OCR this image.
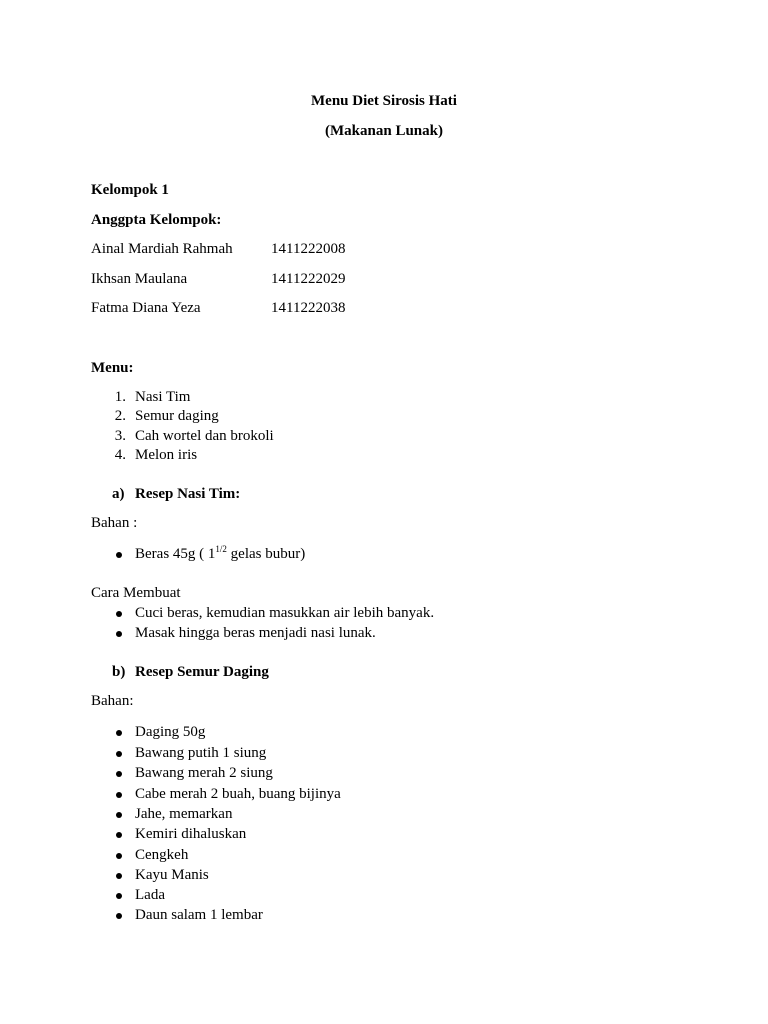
Menu Diet Sirosis Hati
(Makanan Lunak)
Kelompok 1
Anggpta Kelompok:
Ainal Mardiah Rahmah	1411222008
Ikhsan Maulana	1411222029
Fatma Diana Yeza	1411222038
Menu:
1. Nasi Tim
2. Semur daging
3. Cah wortel dan brokoli
4. Melon iris
a) Resep Nasi Tim:
Bahan :
Beras 45g ( $1^{1/2}$ gelas bubur)
Cara Membuat
Cuci beras, kemudian masukkan air lebih banyak.
Masak hingga beras menjadi nasi lunak.
b) Resep Semur Daging
Bahan:
Daging 50g
Bawang putih 1 siung
Bawang merah 2 siung
Cabe merah 2 buah, buang bijinya
Jahe, memarkan
Kemiri dihaluskan
Cengkeh
Kayu Manis
Lada
Daun salam 1 lembar
